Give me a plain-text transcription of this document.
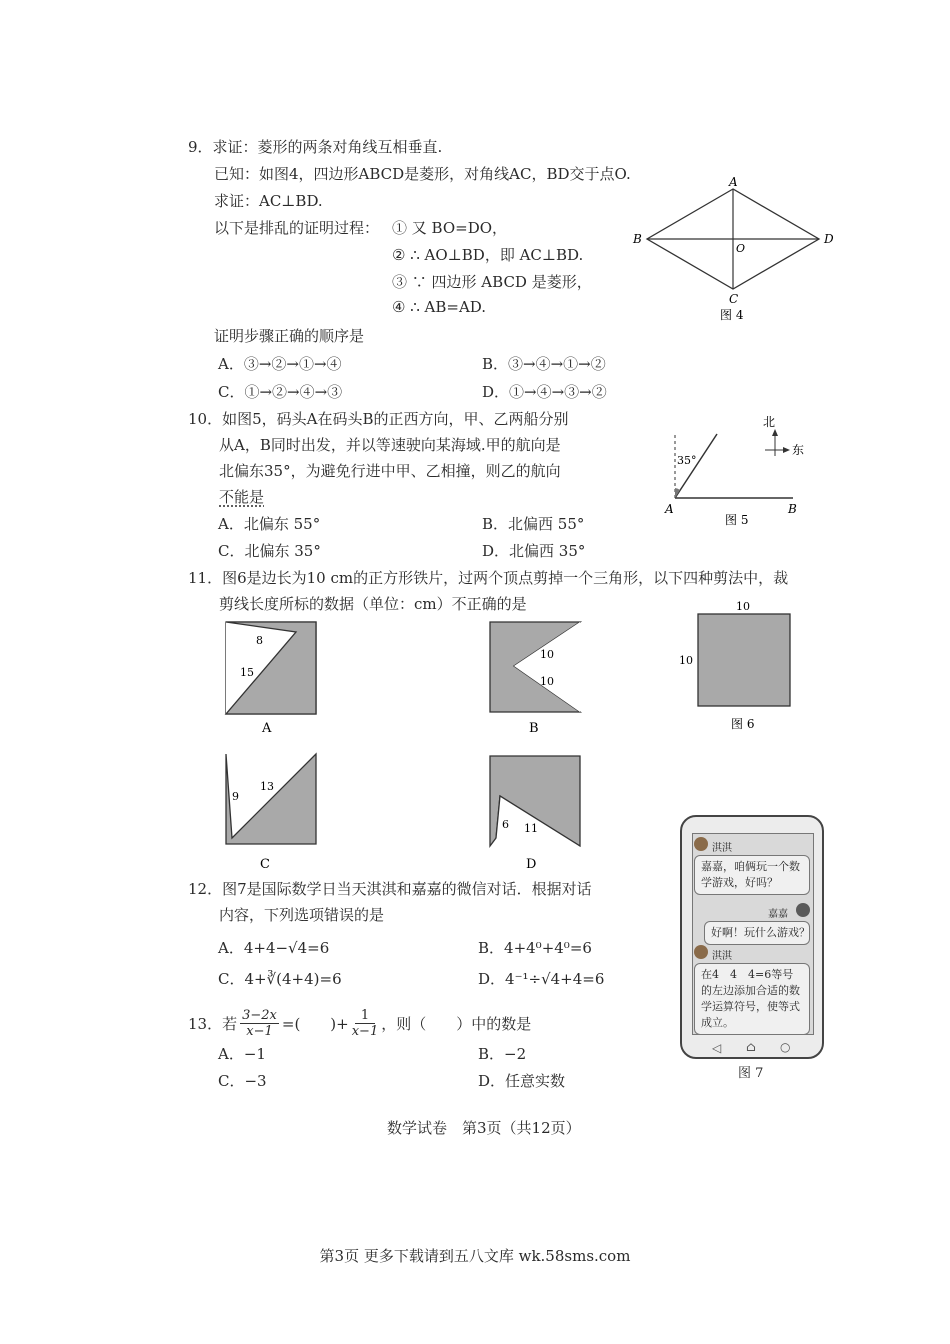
9．求证：菱形的两条对角线互相垂直.
已知：如图4，四边形ABCD是菱形，对角线AC，BD交于点O.
求证：AC⊥BD.
以下是排乱的证明过程： ① 又 BO=DO，
② ∴ AO⊥BD，即 AC⊥BD.
③ ∵ 四边形 ABCD 是菱形，
④ ∴ AB=AD.
证明步骤正确的顺序是
A．③→②→①→④	B．③→④→①→②
C．①→②→④→③	D．①→④→③→②
A
B
C
D
O
图 4
10．如图5，码头A在码头B的正西方向，甲、乙两船分别
从A，B同时出发，并以等速驶向某海域.甲的航向是
北偏东35°，为避免行进中甲、乙相撞，则乙的航向
不能是
A．北偏东 55°	B．北偏西 55°
C．北偏东 35°	D．北偏西 35°
35°
A	B
北
东
图 5
11．图6是边长为10 cm的正方形铁片，过两个顶点剪掉一个三角形，以下四种剪法中，裁
剪线长度所标的数据（单位：cm）不正确的是
8
15
A
10
10
B
10
10
图 6
9
13
C
6 11
D
12．图7是国际数学日当天淇淇和嘉嘉的微信对话．根据对话
内容，下列选项错误的是
A．4+4−√4=6	B．4+4⁰+4⁰=6
C．4+∛(4+4)=6	D．4⁻¹÷√4+4=6
淇淇
嘉嘉，咱俩玩一个数学游戏，好吗？
嘉嘉
好啊！玩什么游戏？
淇淇
在4　4　4=6等号的左边添加合适的数学运算符号，使等式成立。
◁ ⌂ ○
图 7
13．若 $\frac{3-2x}{x-1}$ =(　　)+ $\frac{1}{x-1}$ ，则（　　）中的数是
A．−1	B．−2
C．−3	D．任意实数
数学试卷　第3页（共12页）
第3页 更多下载请到五八文库 wk.58sms.com
